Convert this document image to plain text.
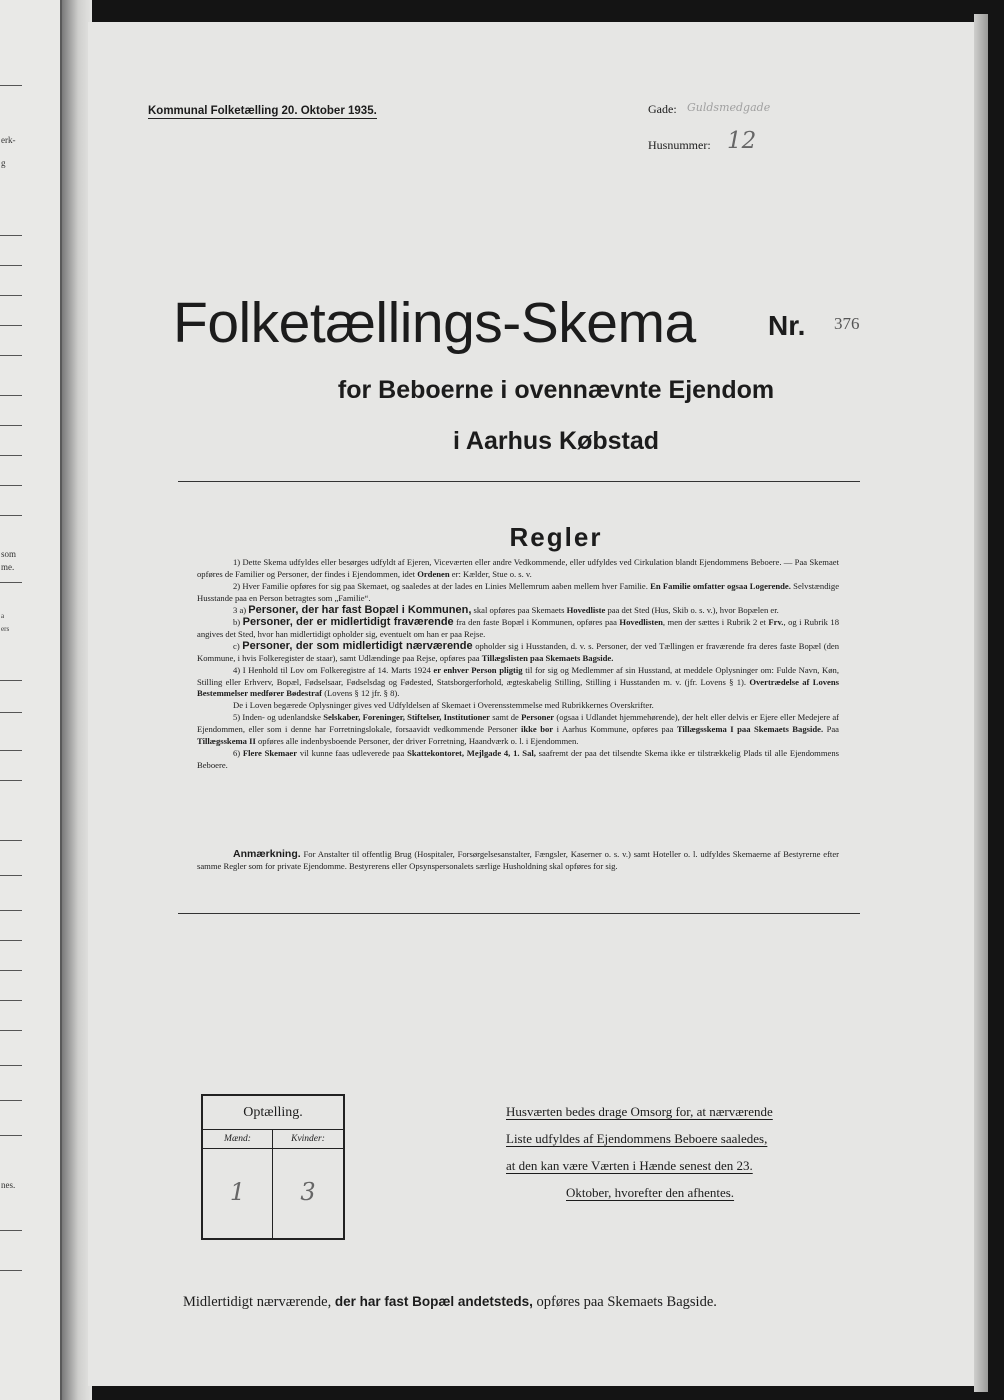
erk-
g
som
me.
a
ers
nes.
Kommunal Folketælling 20. Oktober 1935.	Gade: Guldsmedgade
Husnummer: 12
Folketællings-Skema	Nr. 376
for Beboerne i ovennævnte Ejendom
i Aarhus Købstad
Regler

1) Dette Skema udfyldes eller besørges udfyldt af Ejeren, Viceværten eller andre Vedkommende, eller udfyldes ved Cirkulation blandt Ejendommens Beboere. — Paa Skemaet opføres de Familier og Personer, der findes i Ejendommen, idet Ordenen er: Kælder, Stue o. s. v.

2) Hver Familie opføres for sig paa Skemaet, og saaledes at der lades en Linies Mellemrum aaben mellem hver Familie. En Familie omfatter ogsaa Logerende. Selvstændige Husstande paa en Person betragtes som „Familie“.

3 a) Personer, der har fast Bopæl i Kommunen, skal opføres paa Skemaets Hovedliste paa det Sted (Hus, Skib o. s. v.), hvor Bopælen er.

b) Personer, der er midlertidigt fraværende fra den faste Bopæl i Kommunen, opføres paa Hovedlisten, men der sættes i Rubrik 2 et Frv., og i Rubrik 18 angives det Sted, hvor han midlertidigt opholder sig, eventuelt om han er paa Rejse.

c) Personer, der som midlertidigt nærværende opholder sig i Husstanden, d. v. s. Personer, der ved Tællingen er fraværende fra deres faste Bopæl (den Kommune, i hvis Folkeregister de staar), samt Udlændinge paa Rejse, opføres paa Tillægslisten paa Skemaets Bagside.

4) I Henhold til Lov om Folkeregistre af 14. Marts 1924 er enhver Person pligtig til for sig og Medlemmer af sin Husstand, at meddele Oplysninger om: Fulde Navn, Køn, Stilling eller Erhverv, Bopæl, Fødselsaar, Fødselsdag og Fødested, Statsborgerforhold, ægteskabelig Stilling, Stilling i Husstanden m. v. (jfr. Lovens § 1). Overtrædelse af Lovens Bestemmelser medfører Bødestraf (Lovens § 12 jfr. § 8).

De i Loven begærede Oplysninger gives ved Udfyldelsen af Skemaet i Overensstemmelse med Rubrikkernes Overskrifter.

5) Inden- og udenlandske Selskaber, Foreninger, Stiftelser, Institutioner samt de Personer (ogsaa i Udlandet hjemmehørende), der helt eller delvis er Ejere eller Medejere af Ejendommen, eller som i denne har Forretningslokale, forsaavidt vedkommende Personer ikke bor i Aarhus Kommune, opføres paa Tillægsskema I paa Skemaets Bagside. Paa Tillægsskema II opføres alle indenbysboende Personer, der driver Forretning, Haandværk o. l. i Ejendommen.

6) Flere Skemaer vil kunne faas udleverede paa Skattekontoret, Mejlgade 4, 1. Sal, saafremt der paa det tilsendte Skema ikke er tilstrækkelig Plads til alle Ejendommens Beboere.

Anmærkning. For Anstalter til offentlig Brug (Hospitaler, Forsørgelsesanstalter, Fængsler, Kaserner o. s. v.) samt Hoteller o. l. udfyldes Skemaerne af Bestyrerne efter samme Regler som for private Ejendomme. Bestyrerens eller Opsynspersonalets særlige Husholdning skal opføres for sig.

Optælling.
Mænd:
1
Kvinder:
3
Husværten bedes drage Omsorg for, at nærværende
Liste udfyldes af Ejendommens Beboere saaledes,
at den kan være Værten i Hænde senest den 23.
Oktober, hvorefter den afhentes.
Midlertidigt nærværende, der har fast Bopæl andetsteds, opføres paa Skemaets Bagside.
